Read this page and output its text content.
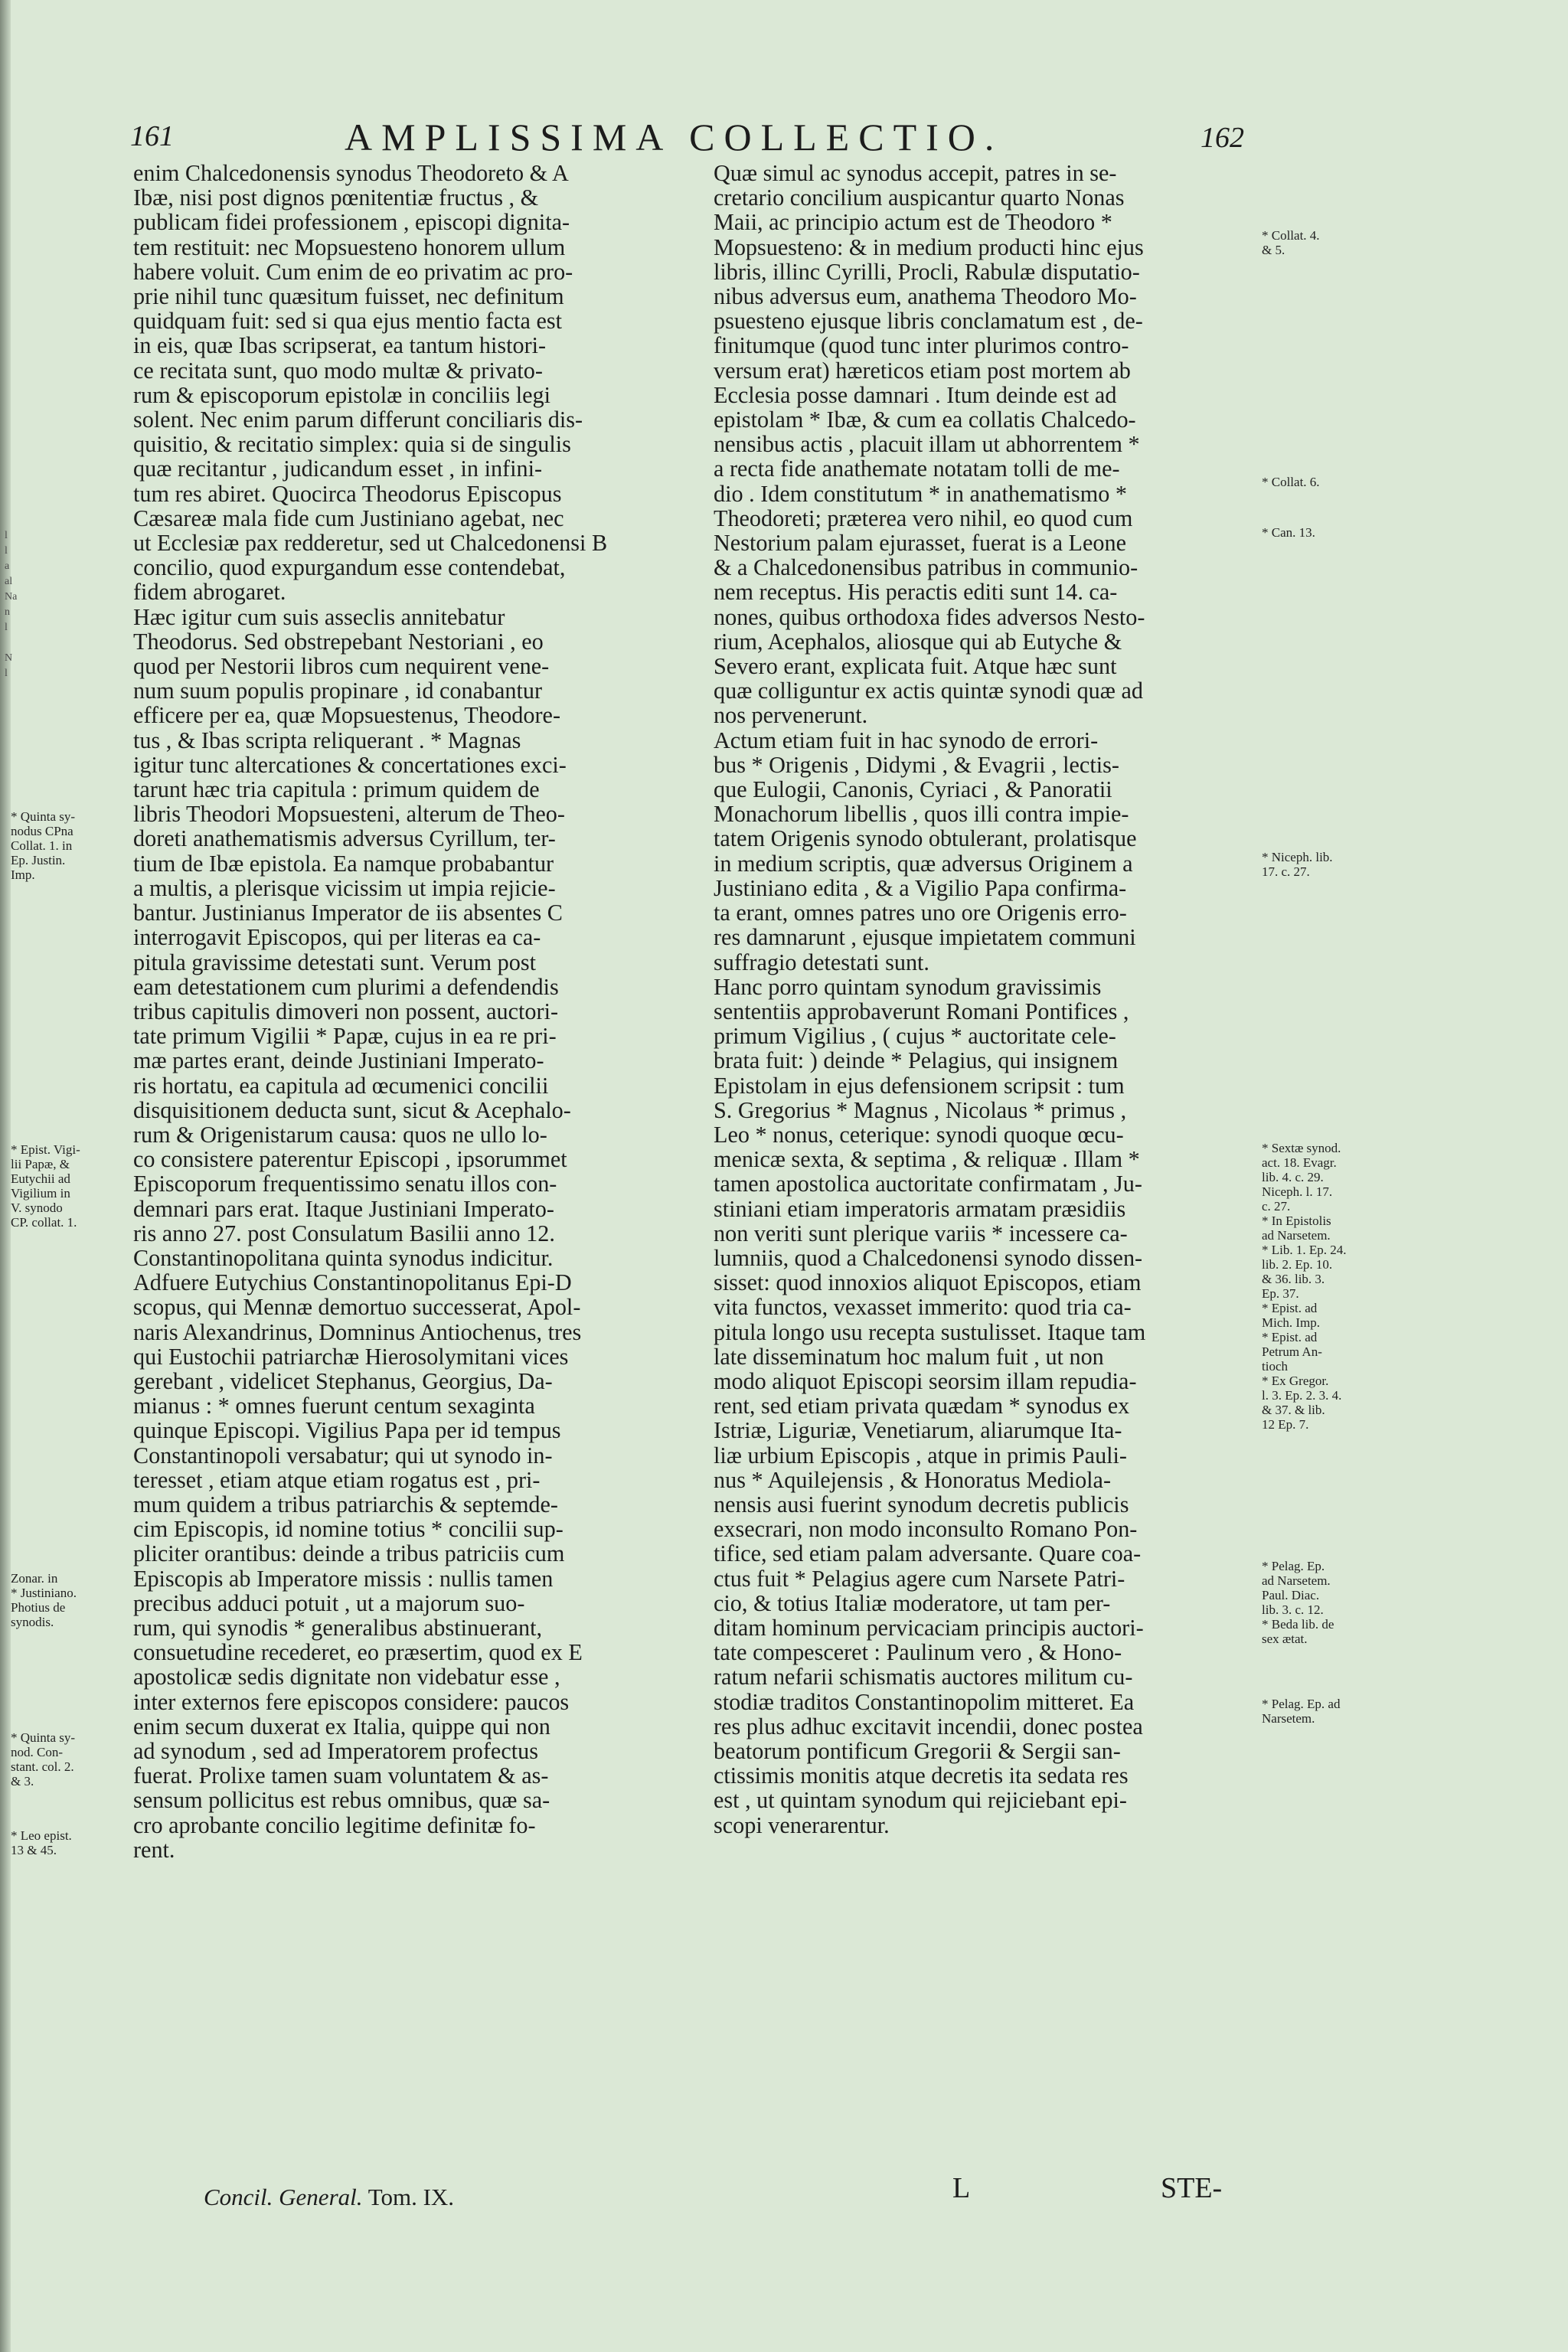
l
l
a
al
Na
n
l

N
l
161	AMPLISSIMA COLLECTIO.	162

enim Chalcedonensis synodus Theodoreto & A

Ibæ, nisi post dignos pœnitentiæ fructus , &

publicam fidei professionem , episcopi dignita-

tem restituit: nec Mopsuesteno honorem ullum

habere voluit. Cum enim de eo privatim ac pro-

prie nihil tunc quæsitum fuisset, nec definitum

quidquam fuit: sed si qua ejus mentio facta est

in eis, quæ Ibas scripserat, ea tantum histori-

ce recitata sunt, quo modo multæ & privato-

rum & episcoporum epistolæ in conciliis legi

solent. Nec enim parum differunt conciliaris dis-

quisitio, & recitatio simplex: quia si de singulis

quæ recitantur , judicandum esset , in infini-

tum res abiret. Quocirca Theodorus Episcopus

Cæsareæ mala fide cum Justiniano agebat, nec

ut Ecclesiæ pax redderetur, sed ut Chalcedonensi B

concilio, quod expurgandum esse contendebat,

fidem abrogaret.

Hæc igitur cum suis asseclis annitebatur

Theodorus. Sed obstrepebant Nestoriani , eo

quod per Nestorii libros cum nequirent vene-

num suum populis propinare , id conabantur

efficere per ea, quæ Mopsuestenus, Theodore-

tus , & Ibas scripta reliquerant . * Magnas

igitur tunc altercationes & concertationes exci-

tarunt hæc tria capitula : primum quidem de

libris Theodori Mopsuesteni, alterum de Theo-

doreti anathematismis adversus Cyrillum, ter-

tium de Ibæ epistola. Ea namque probabantur

a multis, a plerisque vicissim ut impia rejicie-

bantur. Justinianus Imperator de iis absentes C

interrogavit Episcopos, qui per literas ea ca-

pitula gravissime detestati sunt. Verum post

eam detestationem cum plurimi a defendendis

tribus capitulis dimoveri non possent, auctori-

tate primum Vigilii * Papæ, cujus in ea re pri-

mæ partes erant, deinde Justiniani Imperato-

ris hortatu, ea capitula ad œcumenici concilii

disquisitionem deducta sunt, sicut & Acephalo-

rum & Origenistarum causa: quos ne ullo lo-

co consistere paterentur Episcopi , ipsorummet

Episcoporum frequentissimo senatu illos con-

demnari pars erat. Itaque Justiniani Imperato-

ris anno 27. post Consulatum Basilii anno 12.

Constantinopolitana quinta synodus indicitur.

Adfuere Eutychius Constantinopolitanus Epi-D

scopus, qui Mennæ demortuo successerat, Apol-

naris Alexandrinus, Domninus Antiochenus, tres

qui Eustochii patriarchæ Hierosolymitani vices

gerebant , videlicet Stephanus, Georgius, Da-

mianus : * omnes fuerunt centum sexaginta

quinque Episcopi. Vigilius Papa per id tempus

Constantinopoli versabatur; qui ut synodo in-

teresset , etiam atque etiam rogatus est , pri-

mum quidem a tribus patriarchis & septemde-

cim Episcopis, id nomine totius * concilii sup-

pliciter orantibus: deinde a tribus patriciis cum

Episcopis ab Imperatore missis : nullis tamen

precibus adduci potuit , ut a majorum suo-

rum, qui synodis * generalibus abstinuerant,

consuetudine recederet, eo præsertim, quod ex E

apostolicæ sedis dignitate non videbatur esse ,

inter externos fere episcopos considere: paucos

enim secum duxerat ex Italia, quippe qui non

ad synodum , sed ad Imperatorem profectus

fuerat. Prolixe tamen suam voluntatem & as-

sensum pollicitus est rebus omnibus, quæ sa-

cro aprobante concilio legitime definitæ fo-

rent.

Quæ simul ac synodus accepit, patres in se-

cretario concilium auspicantur quarto Nonas

Maii, ac principio actum est de Theodoro *

Mopsuesteno: & in medium producti hinc ejus

libris, illinc Cyrilli, Procli, Rabulæ disputatio-

nibus adversus eum, anathema Theodoro Mo-

psuesteno ejusque libris conclamatum est , de-

finitumque (quod tunc inter plurimos contro-

versum erat) hæreticos etiam post mortem ab

Ecclesia posse damnari . Itum deinde est ad

epistolam * Ibæ, & cum ea collatis Chalcedo-

nensibus actis , placuit illam ut abhorrentem *

a recta fide anathemate notatam tolli de me-

dio . Idem constitutum * in anathematismo *

Theodoreti; præterea vero nihil, eo quod cum

Nestorium palam ejurasset, fuerat is a Leone

& a Chalcedonensibus patribus in communio-

nem receptus. His peractis editi sunt 14. ca-

nones, quibus orthodoxa fides adversos Nesto-

rium, Acephalos, aliosque qui ab Eutyche &

Severo erant, explicata fuit. Atque hæc sunt

quæ colliguntur ex actis quintæ synodi quæ ad

nos pervenerunt.

Actum etiam fuit in hac synodo de errori-

bus * Origenis , Didymi , & Evagrii , lectis-

que Eulogii, Canonis, Cyriaci , & Panoratii

Monachorum libellis , quos illi contra impie-

tatem Origenis synodo obtulerant, prolatisque

in medium scriptis, quæ adversus Originem a

Justiniano edita , & a Vigilio Papa confirma-

ta erant, omnes patres uno ore Origenis erro-

res damnarunt , ejusque impietatem communi

suffragio detestati sunt.

Hanc porro quintam synodum gravissimis

sententiis approbaverunt Romani Pontifices ,

primum Vigilius , ( cujus * auctoritate cele-

brata fuit: ) deinde * Pelagius, qui insignem

Epistolam in ejus defensionem scripsit : tum

S. Gregorius * Magnus , Nicolaus * primus ,

Leo * nonus, ceterique: synodi quoque œcu-

menicæ sexta, & septima , & reliquæ . Illam *

tamen apostolica auctoritate confirmatam , Ju-

stiniani etiam imperatoris armatam præsidiis

non veriti sunt plerique variis * incessere ca-

lumniis, quod a Chalcedonensi synodo dissen-

sisset: quod innoxios aliquot Episcopos, etiam

vita functos, vexasset immerito: quod tria ca-

pitula longo usu recepta sustulisset. Itaque tam

late disseminatum hoc malum fuit , ut non

modo aliquot Episcopi seorsim illam repudia-

rent, sed etiam privata quædam * synodus ex

Istriæ, Liguriæ, Venetiarum, aliarumque Ita-

liæ urbium Episcopis , atque in primis Pauli-

nus * Aquilejensis , & Honoratus Mediola-

nensis ausi fuerint synodum decretis publicis

exsecrari, non modo inconsulto Romano Pon-

tifice, sed etiam palam adversante. Quare coa-

ctus fuit * Pelagius agere cum Narsete Patri-

cio, & totius Italiæ moderatore, ut tam per-

ditam hominum pervicaciam principis auctori-

tate compesceret : Paulinum vero , & Hono-

ratum nefarii schismatis auctores militum cu-

stodiæ traditos Constantinopolim mitteret. Ea

res plus adhuc excitavit incendii, donec postea

beatorum pontificum Gregorii & Sergii san-

ctissimis monitis atque decretis ita sedata res

est , ut quintam synodum qui rejiciebant epi-

scopi venerarentur.

* Quinta sy-
nodus CPna
Collat. 1. in
Ep. Justin.
Imp.
* Epist. Vigi-
lii Papæ, &
Eutychii ad
Vigilium in
V. synodo
CP. collat. 1.
Zonar. in
* Justiniano.
Photius de
synodis.
* Quinta sy-
nod. Con-
stant. col. 2.
& 3.
* Leo epist.
13 & 45.
* Collat. 4.
& 5.
* Collat. 6.
* Can. 13.
* Niceph. lib.
17. c. 27.
* Sextæ synod.
act. 18. Evagr.
lib. 4. c. 29.
Niceph. l. 17.
c. 27.
* In Epistolis
ad Narsetem.
* Lib. 1. Ep. 24.
lib. 2. Ep. 10.
& 36. lib. 3.
Ep. 37.
* Epist. ad
Mich. Imp.
* Epist. ad
Petrum An-
tioch
* Ex Gregor.
l. 3. Ep. 2. 3. 4.
& 37. & lib.
12 Ep. 7.
* Pelag. Ep.
ad Narsetem.
Paul. Diac.
lib. 3. c. 12.
* Beda lib. de
sex ætat.
* Pelag. Ep. ad
Narsetem.
Concil. General. Tom. IX.	L	STE-
